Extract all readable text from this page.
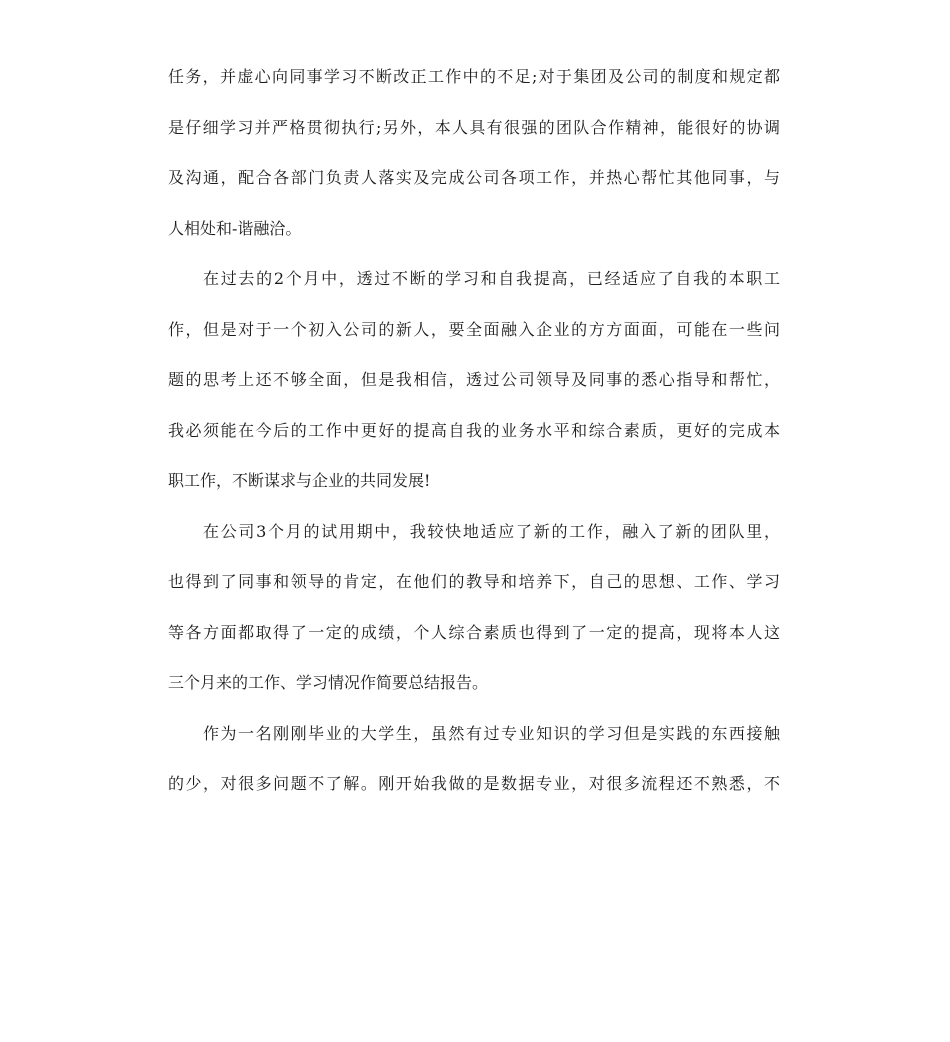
任务，并虚心向同事学习不断改正工作中的不足;对于集团及公司的制度和规定都
是仔细学习并严格贯彻执行;另外，本人具有很强的团队合作精神，能很好的协调
及沟通，配合各部门负责人落实及完成公司各项工作，并热心帮忙其他同事，与
人相处和-谐融洽。
在过去的2个月中，透过不断的学习和自我提高，已经适应了自我的本职工
作，但是对于一个初入公司的新人，要全面融入企业的方方面面，可能在一些问
题的思考上还不够全面，但是我相信，透过公司领导及同事的悉心指导和帮忙，
我必须能在今后的工作中更好的提高自我的业务水平和综合素质，更好的完成本
职工作，不断谋求与企业的共同发展!
在公司3个月的试用期中，我较快地适应了新的工作，融入了新的团队里，
也得到了同事和领导的肯定，在他们的教导和培养下，自己的思想、工作、学习
等各方面都取得了一定的成绩，个人综合素质也得到了一定的提高，现将本人这
三个月来的工作、学习情况作简要总结报告。
作为一名刚刚毕业的大学生，虽然有过专业知识的学习但是实践的东西接触
的少，对很多问题不了解。刚开始我做的是数据专业，对很多流程还不熟悉，不
